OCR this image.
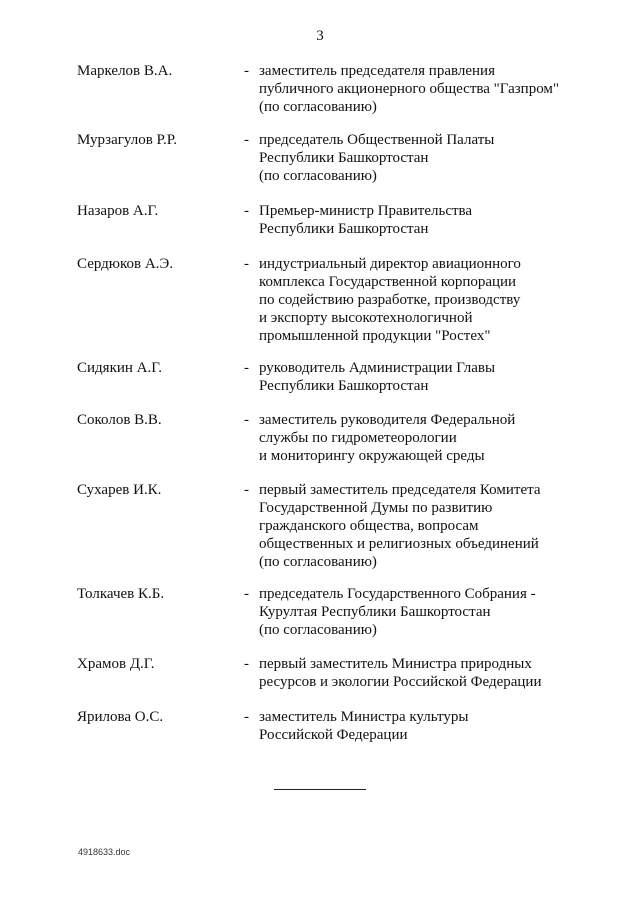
3
Маркелов В.А.	- заместитель председателя правления
публичного акционерного общества "Газпром"
(по согласованию)
Мурзагулов Р.Р.	- председатель Общественной Палаты
Республики Башкортостан
(по согласованию)
Назаров А.Г.	- Премьер-министр Правительства
Республики Башкортостан
Сердюков А.Э.	- индустриальный директор авиационного
комплекса Государственной корпорации
по содействию разработке, производству
и экспорту высокотехнологичной
промышленной продукции "Ростех"
Сидякин А.Г.	- руководитель Администрации Главы
Республики Башкортостан
Соколов В.В.	- заместитель руководителя Федеральной
службы по гидрометеорологии
и мониторингу окружающей среды
Сухарев И.К.	- первый заместитель председателя Комитета
Государственной Думы по развитию
гражданского общества, вопросам
общественных и религиозных объединений
(по согласованию)
Толкачев К.Б.	- председатель Государственного Собрания -
Курултая Республики Башкортостан
(по согласованию)
Храмов Д.Г.	- первый заместитель Министра природных
ресурсов и экологии Российской Федерации
Ярилова О.С.	- заместитель Министра культуры
Российской Федерации
4918633.doc
